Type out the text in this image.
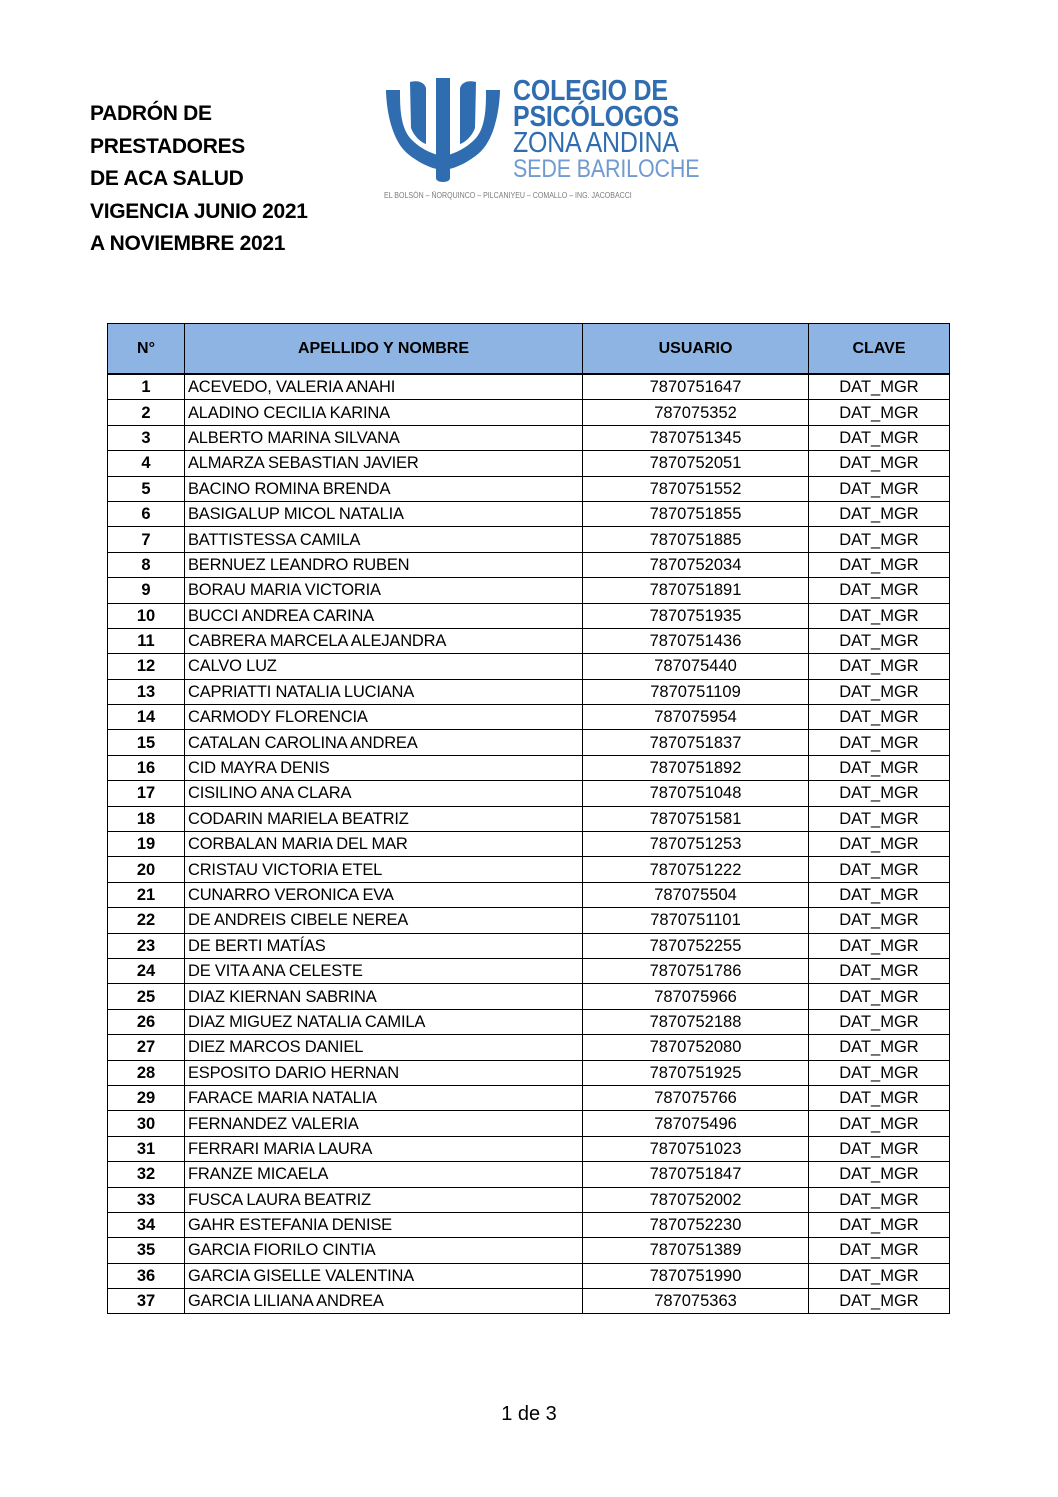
PADRÓN DE
PRESTADORES
DE ACA SALUD
VIGENCIA JUNIO 2021
A NOVIEMBRE 2021
COLEGIO DE
PSICÓLOGOS
ZONA ANDINA
SEDE BARILOCHE
EL BOLSÓN – ÑORQUINCO – PILCANIYEU – COMALLO – ING. JACOBACCI
N°	APELLIDO Y NOMBRE	USUARIO	CLAVE
1	ACEVEDO, VALERIA ANAHI	7870751647	DAT_MGR
2	ALADINO CECILIA KARINA	787075352	DAT_MGR
3	ALBERTO MARINA SILVANA	7870751345	DAT_MGR
4	ALMARZA SEBASTIAN JAVIER	7870752051	DAT_MGR
5	BACINO ROMINA BRENDA	7870751552	DAT_MGR
6	BASIGALUP MICOL NATALIA	7870751855	DAT_MGR
7	BATTISTESSA CAMILA	7870751885	DAT_MGR
8	BERNUEZ LEANDRO RUBEN	7870752034	DAT_MGR
9	BORAU MARIA VICTORIA	7870751891	DAT_MGR
10	BUCCI ANDREA CARINA	7870751935	DAT_MGR
11	CABRERA MARCELA ALEJANDRA	7870751436	DAT_MGR
12	CALVO LUZ	787075440	DAT_MGR
13	CAPRIATTI NATALIA LUCIANA	7870751109	DAT_MGR
14	CARMODY FLORENCIA	787075954	DAT_MGR
15	CATALAN CAROLINA ANDREA	7870751837	DAT_MGR
16	CID MAYRA DENIS	7870751892	DAT_MGR
17	CISILINO ANA CLARA	7870751048	DAT_MGR
18	CODARIN MARIELA BEATRIZ	7870751581	DAT_MGR
19	CORBALAN MARIA DEL MAR	7870751253	DAT_MGR
20	CRISTAU VICTORIA ETEL	7870751222	DAT_MGR
21	CUNARRO VERONICA EVA	787075504	DAT_MGR
22	DE ANDREIS CIBELE NEREA	7870751101	DAT_MGR
23	DE BERTI MATÍAS	7870752255	DAT_MGR
24	DE VITA ANA CELESTE	7870751786	DAT_MGR
25	DIAZ KIERNAN SABRINA	787075966	DAT_MGR
26	DIAZ MIGUEZ NATALIA CAMILA	7870752188	DAT_MGR
27	DIEZ MARCOS DANIEL	7870752080	DAT_MGR
28	ESPOSITO DARIO HERNAN	7870751925	DAT_MGR
29	FARACE MARIA NATALIA	787075766	DAT_MGR
30	FERNANDEZ VALERIA	787075496	DAT_MGR
31	FERRARI MARIA LAURA	7870751023	DAT_MGR
32	FRANZE MICAELA	7870751847	DAT_MGR
33	FUSCA LAURA BEATRIZ	7870752002	DAT_MGR
34	GAHR ESTEFANIA DENISE	7870752230	DAT_MGR
35	GARCIA FIORILO CINTIA	7870751389	DAT_MGR
36	GARCIA GISELLE VALENTINA	7870751990	DAT_MGR
37	GARCIA LILIANA ANDREA	787075363	DAT_MGR
1 de 3
